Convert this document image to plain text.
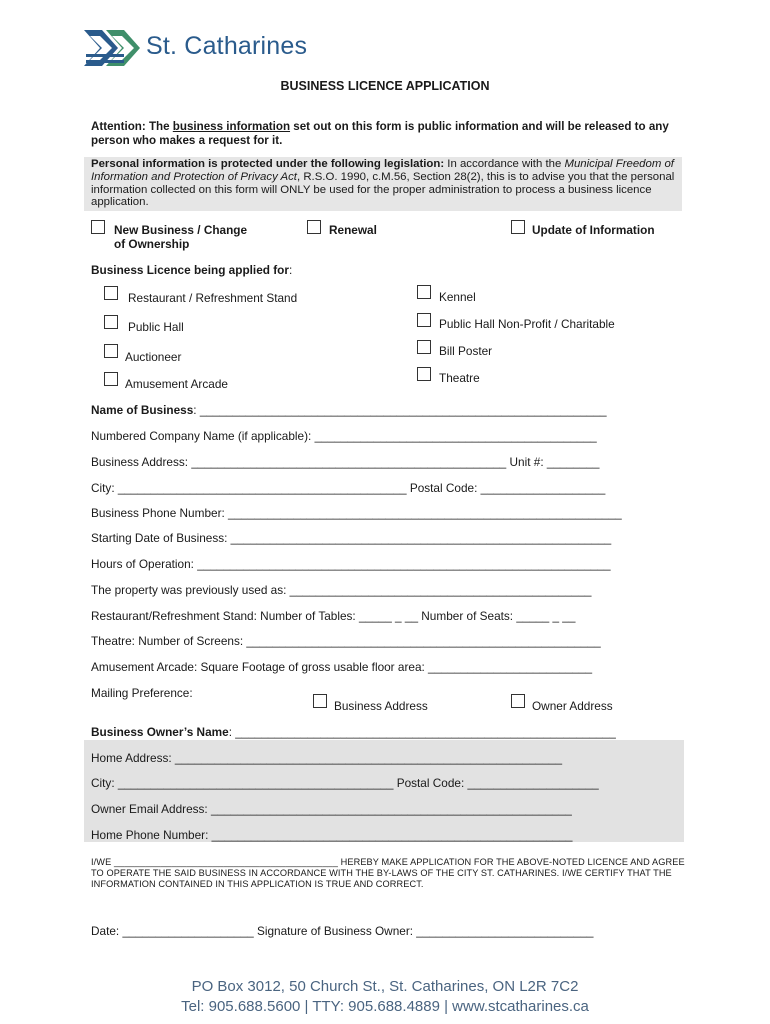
St. Catharines
BUSINESS LICENCE APPLICATION
Attention: The business information set out on this form is public information and will be released to any person who makes a request for it.
Personal information is protected under the following legislation: In accordance with the Municipal Freedom of Information and Protection of Privacy Act, R.S.O. 1990, c.M.56, Section 28(2), this is to advise you that the personal information collected on this form will ONLY be used for the proper administration to process a business licence application.
New Business / Change
of Ownership
Renewal	Update of Information
Business Licence being applied for:
Restaurant / Refreshment Stand
Public Hall
Auctioneer
Amusement Arcade
Kennel
Public Hall Non-Profit / Charitable
Bill Poster
Theatre
Name of Business: ______________________________________________________________
Numbered Company Name (if applicable): ___________________________________________
Business Address: ________________________________________________ Unit #: ________
City: ____________________________________________ Postal Code: ___________________
Business Phone Number: ____________________________________________________________
Starting Date of Business: __________________________________________________________
Hours of Operation: _______________________________________________________________
The property was previously used as: ______________________________________________
Restaurant/Refreshment Stand: Number of Tables: _____ _ __ Number of Seats: _____ _ __
Theatre: Number of Screens: ______________________________________________________
Amusement Arcade: Square Footage of gross usable floor area: _________________________
Mailing Preference:
Business Address	Owner Address
Business Owner’s Name: __________________________________________________________
Home Address: ___________________________________________________________
City: __________________________________________ Postal Code: ____________________
Owner Email Address: _______________________________________________________
Home Phone Number: _______________________________________________________
I/WE ___________________________________________ HEREBY MAKE APPLICATION FOR THE ABOVE-NOTED LICENCE AND AGREE TO OPERATE THE SAID BUSINESS IN ACCORDANCE WITH THE BY-LAWS OF THE CITY ST. CATHARINES. I/WE CERTIFY THAT THE INFORMATION CONTAINED IN THIS APPLICATION IS TRUE AND CORRECT.
Date: ____________________ Signature of Business Owner: ___________________________
PO Box 3012, 50 Church St., St. Catharines, ON L2R 7C2
Tel: 905.688.5600 | TTY: 905.688.4889 | www.stcatharines.ca
